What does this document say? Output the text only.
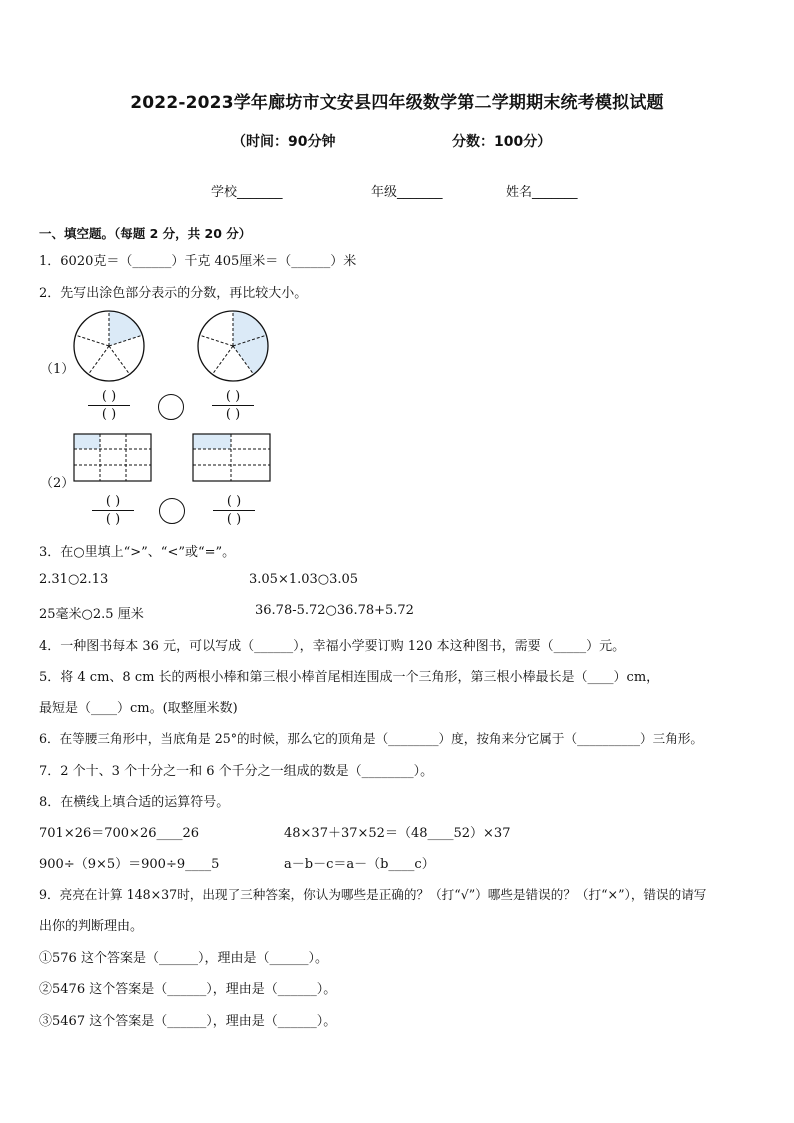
2022-2023学年廊坊市文安县四年级数学第二学期期末统考模拟试题
（时间：90分钟	分数：100分）
学校_______	年级_______	姓名_______
一、填空题。（每题 2 分，共 20 分）
1．6020克＝（______）千克 405厘米＝（______）米
2．先写出涂色部分表示的分数，再比较大小。
（1）
( )
( )
( )
( )
（2）
( )
( )
( )
( )
3．在○里填上“>”、“<”或“=”。
2.31○2.13	3.05×1.03○3.05
25毫米○2.5 厘米	36.78-5.72○36.78+5.72
4．一种图书每本 36 元，可以写成（______），幸福小学要订购 120 本这种图书，需要（_____）元。
5．将 4 cm、8 cm 长的两根小棒和第三根小棒首尾相连围成一个三角形，第三根小棒最长是（____）cm，
最短是（____）cm。(取整厘米数)
6．在等腰三角形中，当底角是 25°的时候，那么它的顶角是（________）度，按角来分它属于（__________）三角形。
7．2 个十、3 个十分之一和 6 个千分之一组成的数是（________）。
8．在横线上填合适的运算符号。
701×26＝700×26____26	48×37＋37×52＝（48____52）×37
900÷（9×5）＝900÷9____5	a－b－c＝a－（b____c）
9．亮亮在计算 148×37时，出现了三种答案，你认为哪些是正确的？（打“√”）哪些是错误的？（打“×”），错误的请写
出你的判断理由。
①576 这个答案是（______），理由是（______）。
②5476 这个答案是（______），理由是（______）。
③5467 这个答案是（______），理由是（______）。
